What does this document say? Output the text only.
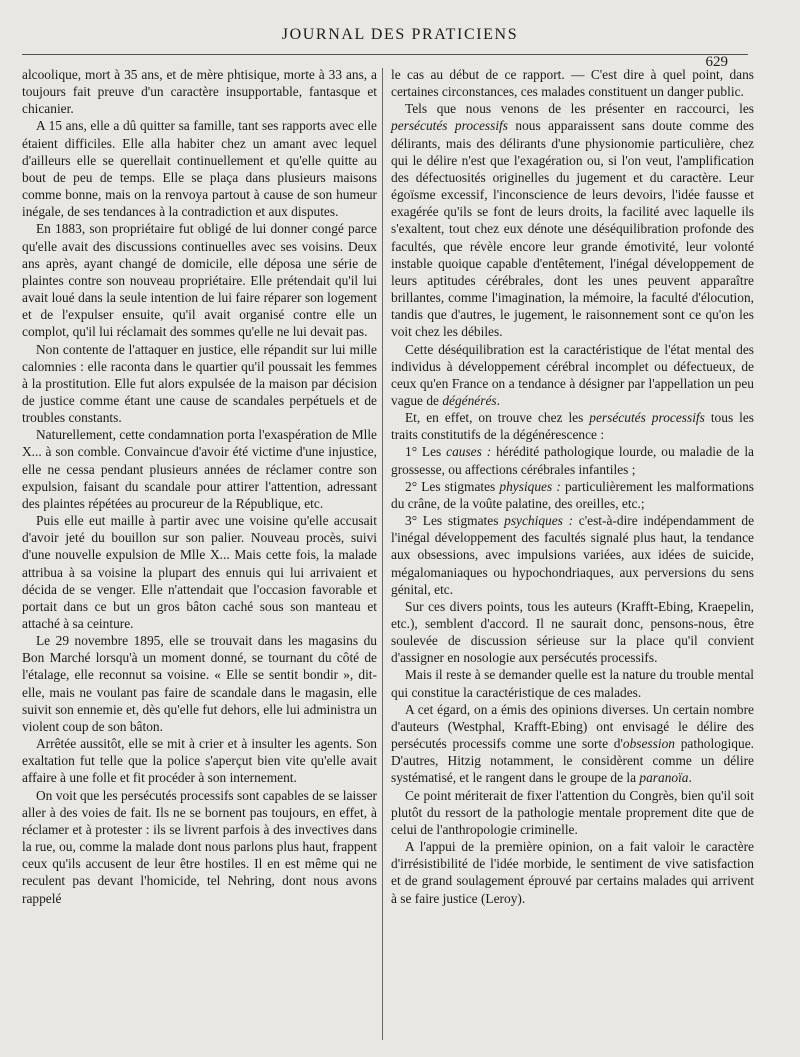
JOURNAL DES PRATICIENS
629

alcoolique, mort à 35 ans, et de mère phtisique, morte à 33 ans, a toujours fait preuve d'un caractère insupportable, fantasque et chicanier.

A 15 ans, elle a dû quitter sa famille, tant ses rapports avec elle étaient difficiles. Elle alla habiter chez un amant avec lequel d'ailleurs elle se querellait continuellement et qu'elle quitte au bout de peu de temps. Elle se plaça dans plusieurs maisons comme bonne, mais on la renvoya partout à cause de son humeur inégale, de ses tendances à la contradiction et aux disputes.

En 1883, son propriétaire fut obligé de lui donner congé parce qu'elle avait des discussions continuelles avec ses voisins. Deux ans après, ayant changé de domicile, elle déposa une série de plaintes contre son nouveau propriétaire. Elle prétendait qu'il lui avait loué dans la seule intention de lui faire réparer son logement et de l'expulser ensuite, qu'il avait organisé contre elle un complot, qu'il lui réclamait des sommes qu'elle ne lui devait pas.

Non contente de l'attaquer en justice, elle répandit sur lui mille calomnies : elle raconta dans le quartier qu'il poussait les femmes à la prostitution. Elle fut alors expulsée de la maison par décision de justice comme étant une cause de scandales perpétuels et de troubles constants.

Naturellement, cette condamnation porta l'exaspération de Mlle X... à son comble. Convaincue d'avoir été victime d'une injustice, elle ne cessa pendant plusieurs années de réclamer contre son expulsion, faisant du scandale pour attirer l'attention, adressant des plaintes répétées au procureur de la République, etc.

Puis elle eut maille à partir avec une voisine qu'elle accusait d'avoir jeté du bouillon sur son palier. Nouveau procès, suivi d'une nouvelle expulsion de Mlle X... Mais cette fois, la malade attribua à sa voisine la plupart des ennuis qui lui arrivaient et décida de se venger. Elle n'attendait que l'occasion favorable et portait dans ce but un gros bâton caché sous son manteau et attaché à sa ceinture.

Le 29 novembre 1895, elle se trouvait dans les magasins du Bon Marché lorsqu'à un moment donné, se tournant du côté de l'étalage, elle reconnut sa voisine. « Elle se sentit bondir », dit-elle, mais ne voulant pas faire de scandale dans le magasin, elle suivit son ennemie et, dès qu'elle fut dehors, elle lui administra un violent coup de son bâton.

Arrêtée aussitôt, elle se mit à crier et à insulter les agents. Son exaltation fut telle que la police s'aperçut bien vite qu'elle avait affaire à une folle et fit procéder à son internement.

On voit que les persécutés processifs sont capables de se laisser aller à des voies de fait. Ils ne se bornent pas toujours, en effet, à réclamer et à protester : ils se livrent parfois à des invectives dans la rue, ou, comme la malade dont nous parlons plus haut, frappent ceux qu'ils accusent de leur être hostiles. Il en est même qui ne reculent pas devant l'homicide, tel Nehring, dont nous avons rappelé

le cas au début de ce rapport. — C'est dire à quel point, dans certaines circonstances, ces malades constituent un danger public.

Tels que nous venons de les présenter en raccourci, les persécutés processifs nous apparaissent sans doute comme des délirants, mais des délirants d'une physionomie particulière, chez qui le délire n'est que l'exagération ou, si l'on veut, l'amplification des défectuosités originelles du jugement et du caractère. Leur égoïsme excessif, l'inconscience de leurs devoirs, l'idée fausse et exagérée qu'ils se font de leurs droits, la facilité avec laquelle ils s'exaltent, tout chez eux dénote une déséquilibration profonde des facultés, que révèle encore leur grande émotivité, leur volonté instable quoique capable d'entêtement, l'inégal développement de leurs aptitudes cérébrales, dont les unes peuvent apparaître brillantes, comme l'imagination, la mémoire, la faculté d'élocution, tandis que d'autres, le jugement, le raisonnement sont ce qu'on les voit chez les débiles.

Cette déséquilibration est la caractéristique de l'état mental des individus à développement cérébral incomplet ou défectueux, de ceux qu'en France on a tendance à désigner par l'appellation un peu vague de dégénérés.

Et, en effet, on trouve chez les persécutés processifs tous les traits constitutifs de la dégénérescence :

1° Les causes : hérédité pathologique lourde, ou maladie de la grossesse, ou affections cérébrales infantiles ;

2° Les stigmates physiques : particulièrement les malformations du crâne, de la voûte palatine, des oreilles, etc.;

3° Les stigmates psychiques : c'est-à-dire indépendamment de l'inégal développement des facultés signalé plus haut, la tendance aux obsessions, avec impulsions variées, aux idées de suicide, mégalomaniaques ou hypochondriaques, aux perversions du sens génital, etc.

Sur ces divers points, tous les auteurs (Krafft-Ebing, Kraepelin, etc.), semblent d'accord. Il ne saurait donc, pensons-nous, être soulevée de discussion sérieuse sur la place qu'il convient d'assigner en nosologie aux persécutés processifs.

Mais il reste à se demander quelle est la nature du trouble mental qui constitue la caractéristique de ces malades.

A cet égard, on a émis des opinions diverses. Un certain nombre d'auteurs (Westphal, Krafft-Ebing) ont envisagé le délire des persécutés processifs comme une sorte d'obsession pathologique. D'autres, Hitzig notamment, le considèrent comme un délire systématisé, et le rangent dans le groupe de la paranoïa.

Ce point mériterait de fixer l'attention du Congrès, bien qu'il soit plutôt du ressort de la pathologie mentale proprement dite que de celui de l'anthropologie criminelle.

A l'appui de la première opinion, on a fait valoir le caractère d'irrésistibilité de l'idée morbide, le sentiment de vive satisfaction et de grand soulagement éprouvé par certains malades qui arrivent à se faire justice (Leroy).
